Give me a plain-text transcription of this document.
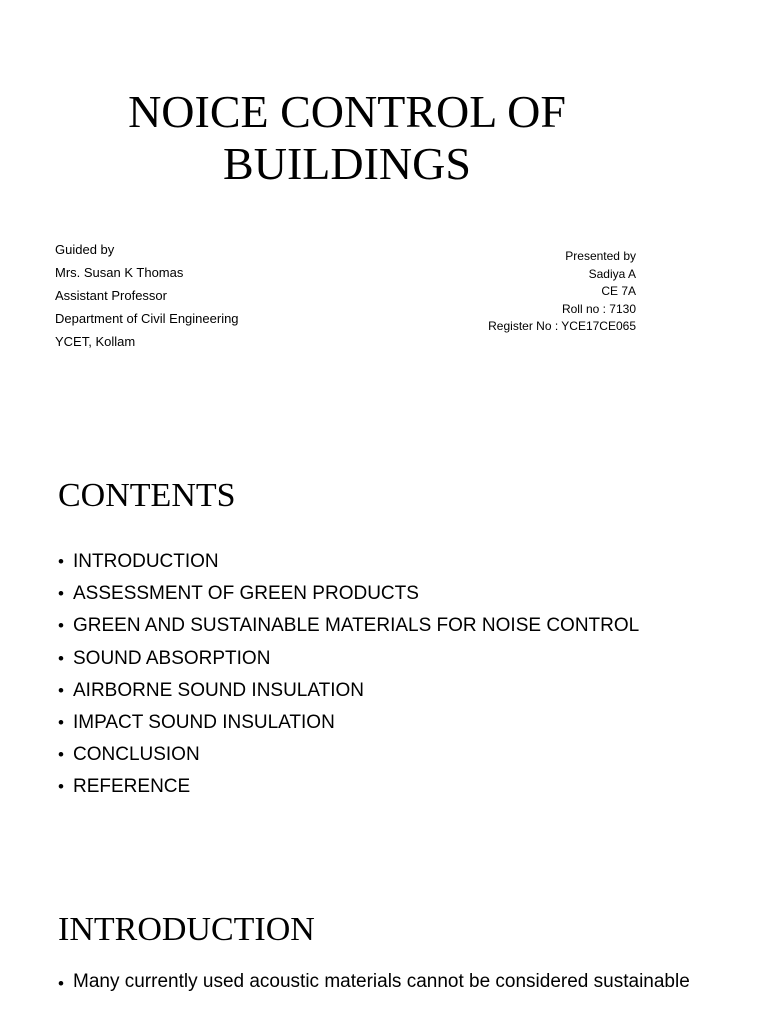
NOICE CONTROL OF
BUILDINGS
Guided by
Mrs. Susan K Thomas
Assistant Professor
Department of Civil Engineering
YCET, Kollam
Presented by
Sadiya A
CE 7A
Roll no : 7130
Register No : YCE17CE065
CONTENTS
• INTRODUCTION
• ASSESSMENT OF GREEN PRODUCTS
• GREEN AND SUSTAINABLE MATERIALS FOR NOISE CONTROL
• SOUND ABSORPTION
• AIRBORNE SOUND INSULATION
• IMPACT SOUND INSULATION
• CONCLUSION
• REFERENCE
INTRODUCTION
• Many currently used acoustic materials cannot be considered sustainable
